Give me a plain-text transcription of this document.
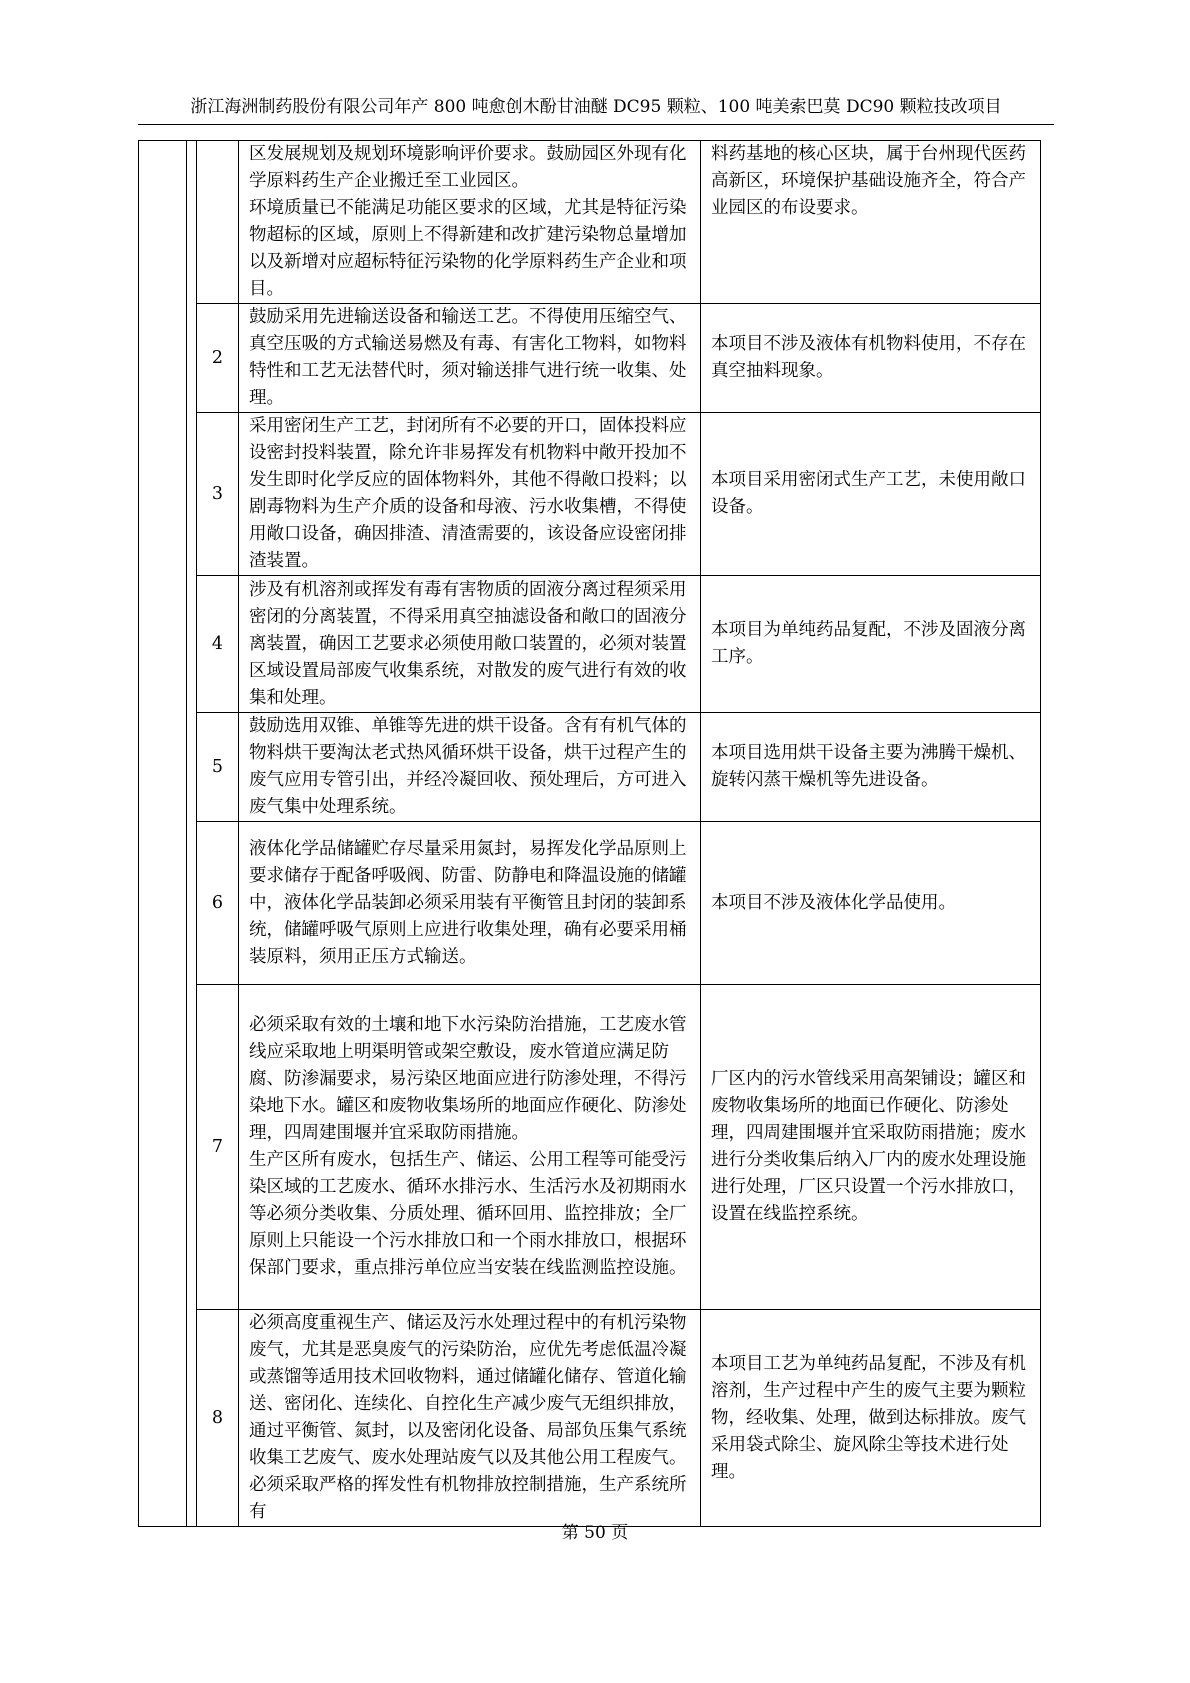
浙江海洲制药股份有限公司年产 800 吨愈创木酚甘油醚 DC95 颗粒、100 吨美索巴莫 DC90 颗粒技改项目

			区发展规划及规划环境影响评价要求。鼓励园区外现有化学原料药生产企业搬迁至工业园区。
环境质量已不能满足功能区要求的区域，尤其是特征污染物超标的区域，原则上不得新建和改扩建污染物总量增加以及新增对应超标特征污染物的化学原料药生产企业和项目。	料药基地的核心区块，属于台州现代医药高新区，环境保护基础设施齐全，符合产业园区的布设要求。
		2	鼓励采用先进输送设备和输送工艺。不得使用压缩空气、真空压吸的方式输送易燃及有毒、有害化工物料，如物料特性和工艺无法替代时，须对输送排气进行统一收集、处理。	本项目不涉及液体有机物料使用，不存在真空抽料现象。
		3	采用密闭生产工艺，封闭所有不必要的开口，固体投料应设密封投料装置，除允许非易挥发有机物料中敞开投加不发生即时化学反应的固体物料外，其他不得敞口投料；以剧毒物料为生产介质的设备和母液、污水收集槽，不得使用敞口设备，确因排渣、清渣需要的，该设备应设密闭排渣装置。	本项目采用密闭式生产工艺，未使用敞口设备。
		4	涉及有机溶剂或挥发有毒有害物质的固液分离过程须采用密闭的分离装置，不得采用真空抽滤设备和敞口的固液分离装置，确因工艺要求必须使用敞口装置的，必须对装置区域设置局部废气收集系统，对散发的废气进行有效的收集和处理。	本项目为单纯药品复配，不涉及固液分离工序。
		5	鼓励选用双锥、单锥等先进的烘干设备。含有有机气体的物料烘干要淘汰老式热风循环烘干设备，烘干过程产生的废气应用专管引出，并经冷凝回收、预处理后，方可进入废气集中处理系统。	本项目选用烘干设备主要为沸腾干燥机、旋转闪蒸干燥机等先进设备。
		6	液体化学品储罐贮存尽量采用氮封，易挥发化学品原则上要求储存于配备呼吸阀、防雷、防静电和降温设施的储罐中，液体化学品装卸必须采用装有平衡管且封闭的装卸系统，储罐呼吸气原则上应进行收集处理，确有必要采用桶装原料，须用正压方式输送。	本项目不涉及液体化学品使用。
		7	必须采取有效的土壤和地下水污染防治措施，工艺废水管线应采取地上明渠明管或架空敷设，废水管道应满足防腐、防渗漏要求，易污染区地面应进行防渗处理，不得污染地下水。罐区和废物收集场所的地面应作硬化、防渗处理，四周建围堰并宜采取防雨措施。
生产区所有废水，包括生产、储运、公用工程等可能受污染区域的工艺废水、循环水排污水、生活污水及初期雨水等必须分类收集、分质处理、循环回用、监控排放；全厂原则上只能设一个污水排放口和一个雨水排放口，根据环保部门要求，重点排污单位应当安装在线监测监控设施。	厂区内的污水管线采用高架铺设；罐区和废物收集场所的地面已作硬化、防渗处理，四周建围堰并宜采取防雨措施；废水进行分类收集后纳入厂内的废水处理设施进行处理，厂区只设置一个污水排放口，设置在线监控系统。
		8	必须高度重视生产、储运及污水处理过程中的有机污染物废气，尤其是恶臭废气的污染防治，应优先考虑低温冷凝或蒸馏等适用技术回收物料，通过储罐化储存、管道化输送、密闭化、连续化、自控化生产减少废气无组织排放，通过平衡管、氮封，以及密闭化设备、局部负压集气系统收集工艺废气、废水处理站废气以及其他公用工程废气。必须采取严格的挥发性有机物排放控制措施，生产系统所有	本项目工艺为单纯药品复配，不涉及有机溶剂，生产过程中产生的废气主要为颗粒物，经收集、处理，做到达标排放。废气采用袋式除尘、旋风除尘等技术进行处理。
第 50 页
